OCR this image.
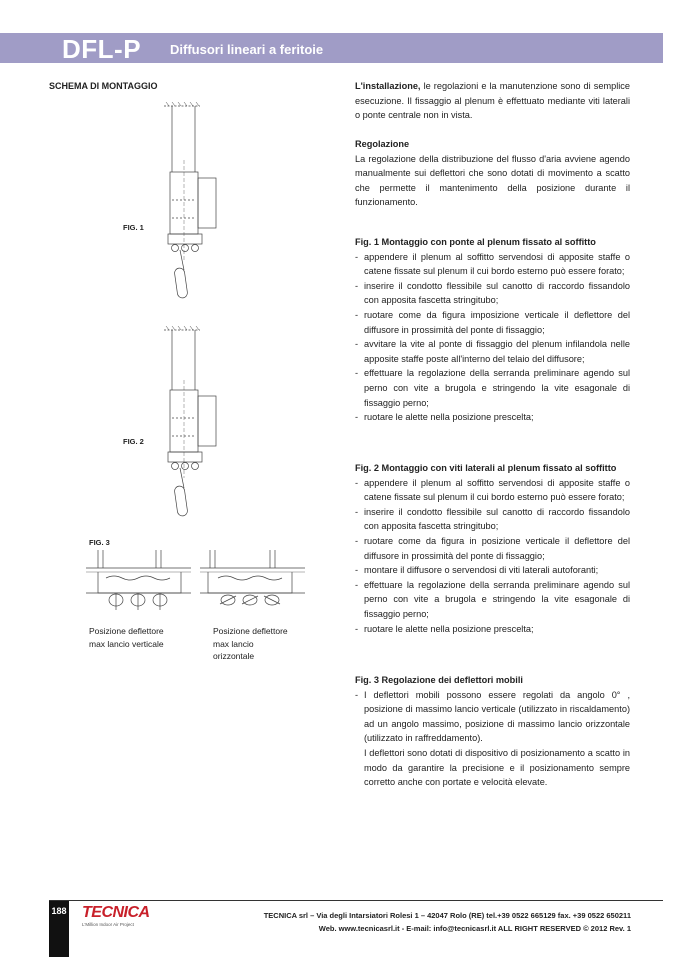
DFL-P Diffusori lineari a feritoie
SCHEMA DI MONTAGGIO
FIG. 1
FIG. 2
FIG. 3
Posizione deflettore max lancio verticale
Posizione deflettore max lancio orizzontale

L'installazione, le regolazioni e la manutenzione sono di semplice esecuzione. Il fissaggio al plenum è effettuato mediante viti laterali o ponte centrale non in vista.

Regolazione

La regolazione della distribuzione del flusso d'aria avviene agendo manualmente sui deflettori che sono dotati di movimento a scatto che permette il mantenimento della posizione durante il funzionamento.

Fig. 1 Montaggio con ponte al plenum fissato al soffitto

- appendere il plenum al soffitto servendosi di apposite staffe o catene fissate sul plenum il cui bordo esterno può essere forato;
- inserire il condotto flessibile sul canotto di raccordo fissandolo con apposita fascetta stringitubo;
- ruotare come da figura imposizione verticale il deflettore del diffusore in prossimità del ponte di fissaggio;
- avvitare la vite al ponte di fissaggio del plenum infilandola nelle apposite staffe poste all'interno del telaio del diffusore;
- effettuare la regolazione della serranda preliminare agendo sul perno con vite a brugola e stringendo la vite esagonale di fissaggio perno;
- ruotare le alette nella posizione prescelta;

Fig. 2 Montaggio con viti laterali al plenum fissato al soffitto

- appendere il plenum al soffitto servendosi di apposite staffe o catene fissate sul plenum il cui bordo esterno può essere forato;
- inserire il condotto flessibile sul canotto di raccordo fissandolo con apposita fascetta stringitubo;
- ruotare come da figura in posizione verticale il deflettore del diffusore in prossimità del ponte di fissaggio;
- montare il diffusore o servendosi di viti laterali autoforanti;
- effettuare la regolazione della serranda preliminare agendo sul perno con vite a brugola e stringendo la vite esagonale di fissaggio perno;
- ruotare le alette nella posizione prescelta;

Fig. 3 Regolazione dei deflettori mobili

- I deflettori mobili possono essere regolati da angolo 0° , posizione di massimo lancio verticale (utilizzato in riscaldamento) ad un angolo massimo, posizione di massimo lancio orizzontale (utilizzato in raffreddamento).

I deflettori sono dotati di dispositivo di posizionamento a scatto in modo da garantire la precisione e il posizionamento sempre corretto anche con portate e velocità elevate.

188 TECNICA
L'Million Indoor Air Project
TECNICA srl – Via degli Intarsiatori Rolesi 1 – 42047 Rolo (RE) tel.+39 0522 665129 fax. +39 0522 650211
Web. www.tecnicasrl.it - E-mail: info@tecnicasrl.it ALL RIGHT RESERVED © 2012 Rev. 1
